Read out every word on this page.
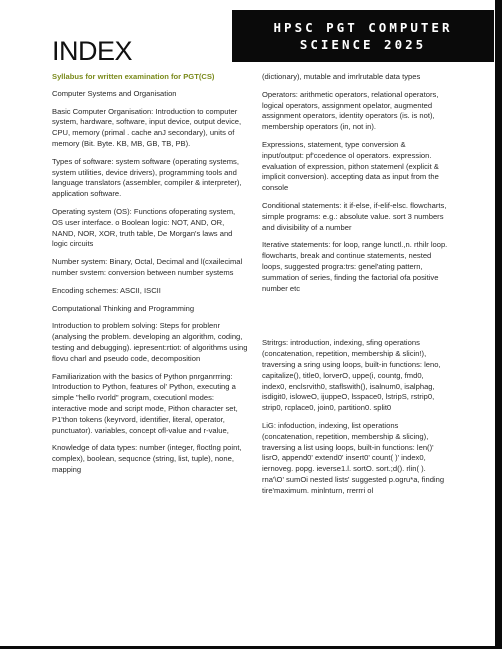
INDEX
HPSC PGT COMPUTER
SCIENCE 2025

Syllabus for written examination for PGT(CS)

Computer Systems and Organisation

Basic Computer Organisation: Introduction to computer system, hardware, software, input device, output device, CPU, memory (primal . cache anJ secondary), units of memory (Bit. Byte. KB, MB, GB, TB, PB).

Types of software: system software (operating systems, system utilities, device drivers), programming tools and language translators (assembler, compiler & interpreter), application software.

Operating system (OS): Functions ofoperating system, OS user interface. o Boolean logic: NOT, AND, OR, NAND, NOR, XOR, truth table, De Morgan's laws and logic circuits

Number system: Binary, Octal, Decimal and l(cxailecimal number svstem: conversion between number systems

Encoding schemes: ASCII, ISCII

Computational Thinking and Programming

Introduction to problem solving: Steps for problenr (analysing the problem. developing an algorithm, coding, testing and debugging). iepresent:rtiot: of algorithms using flovu charl and pseudo code, decomposition

Familiarization with the basics of Python pnrganrrring: Introduction to Python, features ol' Python, executing a simple "hello rvorld" program, cxecutionl modes: interactive mode and script mode, Pithon character set, P1'thon tokens (keyrvord, identifier, literal, operator, punctuator). variables, concept ofl-value and r-value,

Knowledge of data types: number (integer, floctlng point, complex), boolean, sequcnce (string, list, tuple), none, mapping

(dictionary), mutable and imrlrutable data types

Operators: arithmetic operators, relational operators, logical operators, assignment opelator, augmented assignment operators, identity operators (is. is not), membership operators (in, not in).

Expressions, statement, type conversion & input/output: pf'ccedence ol operators. expression. evaluation of expression, pithon statemenl (explicit & implicit conversion). accepting data as input from the console

Conditional statements: it if-else, if-elif-elsc. flowcharts, sirnple programs: e.g.: absolute value. sort 3 numbers and divisibility of a number

Iterative statements: for loop, range lunctl.,n. rthilr loop. flowcharts, break and continue statements, nested loops, suggested progra:trs: genel'ating pattern, summation of series, finding the factorial ofa positive number etc

Stritrgs: introduction, indexing, sfing operations (concatenation, repetition, membership & slicin!), traversing a sring using loops, built-in functions: leno, capitalize(), title0, lorverO, uppe(i, countg, fmd0, index0, enclsrvith0, staflswith(), isalnum0, isalphag, isdigit0, isloweO, ijuppeO, lsspace0, lstripS, rstrip0, strip0, rcplace0, join0, partition0. split0

LiG: infoduction, indexing, list operations (concatenation, repetition, membership & slicing), traversing a list using loops, built-in functions: len()' lisrO, append0' extend0' insert0' count( )' index0, iernoveg. popg. ieverse1.l. sortO. sort.;d(). rlin( ). rna'\O' sumOi nested lists' suggested p.ogru*a, finding tire'maximum. minlnturn, rrerrri ol
